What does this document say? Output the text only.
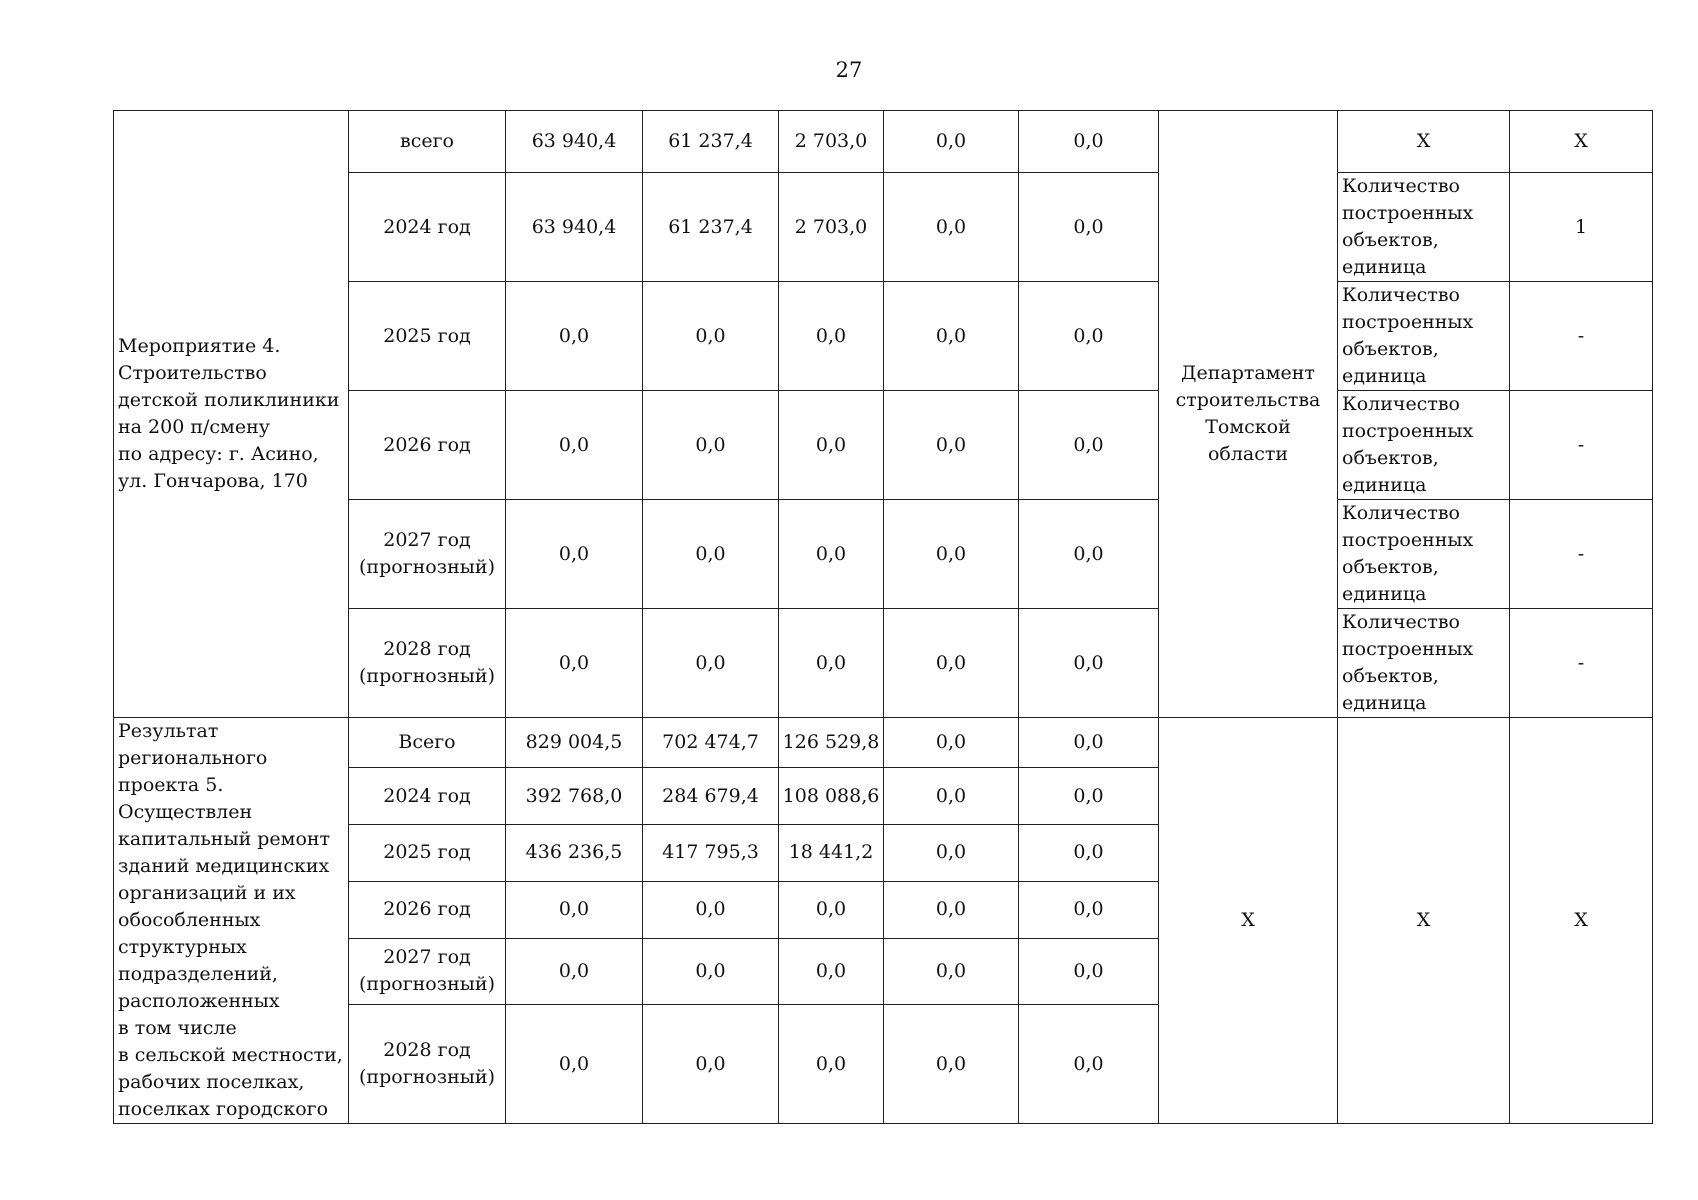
27
Мероприятие 4.
Строительство детской поликлиники на 200 п/смену
по адресу: г. Асино, ул. Гончарова, 170	всего	63 940,4	61 237,4	2 703,0	0,0	0,0	Департамент строительства Томской области	X	X
	2024 год	63 940,4	61 237,4	2 703,0	0,0	0,0		Количество построенных объектов, единица	1
	2025 год	0,0	0,0	0,0	0,0	0,0		Количество построенных объектов, единица	-
	2026 год	0,0	0,0	0,0	0,0	0,0		Количество построенных объектов, единица	-
	2027 год (прогнозный)	0,0	0,0	0,0	0,0	0,0		Количество построенных объектов, единица	-
	2028 год (прогнозный)	0,0	0,0	0,0	0,0	0,0		Количество построенных объектов, единица	-
Результат регионального проекта 5. Осуществлен капитальный ремонт зданий медицинских организаций и их обособленных структурных подразделений, расположенных
в том числе
в сельской местности, рабочих поселках, поселках городского	Всего	829 004,5	702 474,7	126 529,8	0,0	0,0	X	X	X
	2024 год	392 768,0	284 679,4	108 088,6	0,0	0,0			
	2025 год	436 236,5	417 795,3	18 441,2	0,0	0,0			
	2026 год	0,0	0,0	0,0	0,0	0,0			
	2027 год (прогнозный)	0,0	0,0	0,0	0,0	0,0			
	2028 год (прогнозный)	0,0	0,0	0,0	0,0	0,0			
